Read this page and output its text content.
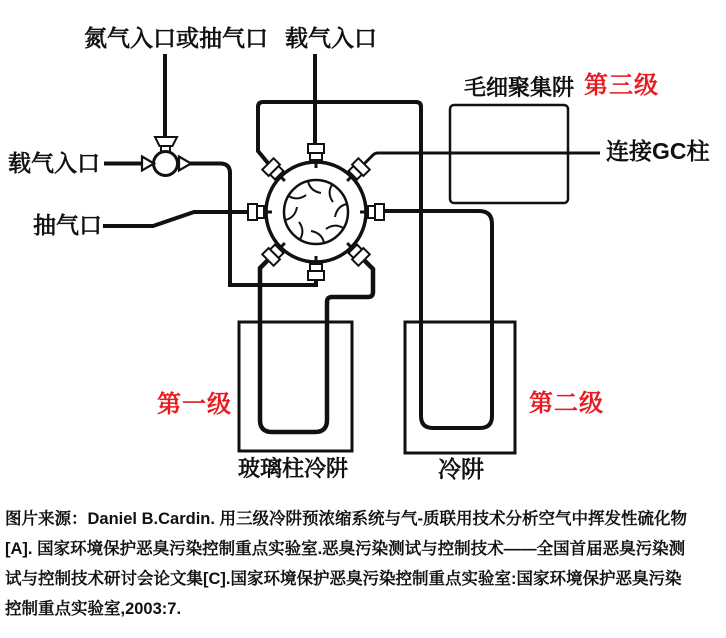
氮气入口或抽气口 载气入口
载气入口
抽气口
毛细聚集阱 第三级
连接GC柱
第一级	第二级
玻璃柱冷阱	冷阱
图片来源：Daniel B.Cardin. 用三级冷阱预浓缩系统与气-质联用技术分析空气中挥发性硫化物
[A]. 国家环境保护恶臭污染控制重点实验室.恶臭污染测试与控制技术——全国首届恶臭污染测
试与控制技术研讨会论文集[C].国家环境保护恶臭污染控制重点实验室:国家环境保护恶臭污染
控制重点实验室,2003:7.
